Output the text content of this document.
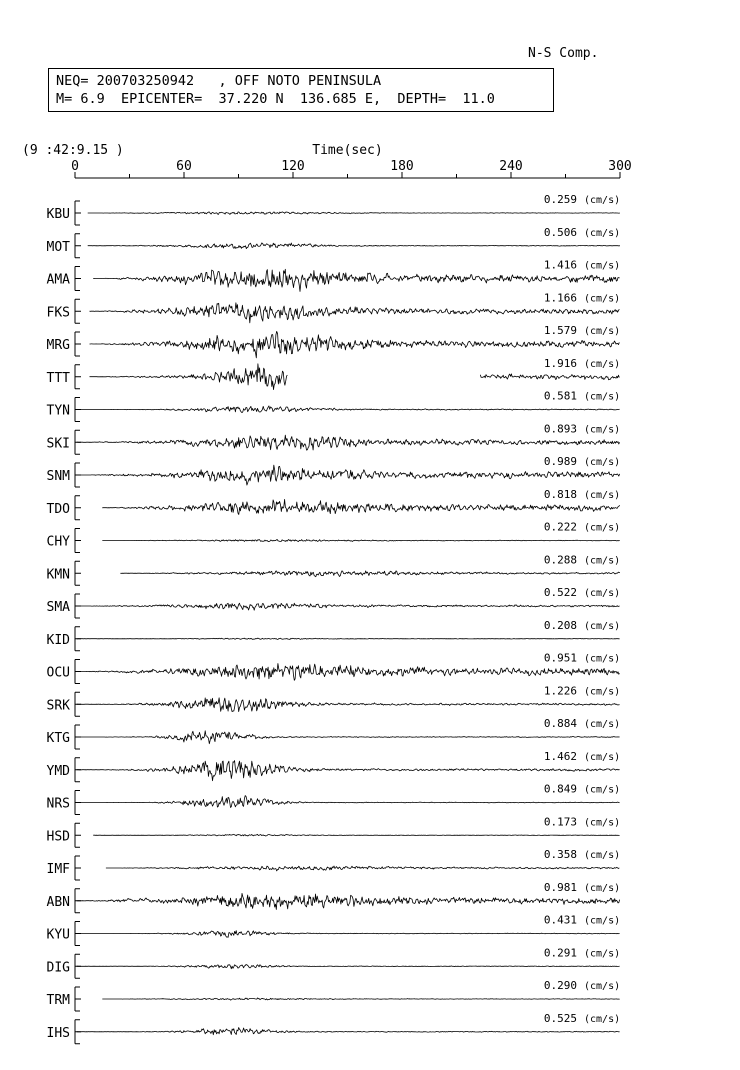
N-S Comp.
NEQ= 200703250942   , OFF NOTO PENINSULA
M= 6.9  EPICENTER=  37.220 N  136.685 E,  DEPTH=  11.0
(9 :42:9.15 )	Time(sec)
0	60	120	180	240	300
KBU
0.259 (cm/s)
MOT
0.506 (cm/s)
AMA
1.416 (cm/s)
FKS
1.166 (cm/s)
MRG
1.579 (cm/s)
TTT
1.916 (cm/s)
TYN
0.581 (cm/s)
SKI
0.893 (cm/s)
SNM
0.989 (cm/s)
TDO
0.818 (cm/s)
CHY
0.222 (cm/s)
KMN
0.288 (cm/s)
SMA
0.522 (cm/s)
KID
0.208 (cm/s)
OCU
0.951 (cm/s)
SRK
1.226 (cm/s)
KTG
0.884 (cm/s)
YMD
1.462 (cm/s)
NRS
0.849 (cm/s)
HSD
0.173 (cm/s)
IMF
0.358 (cm/s)
ABN
0.981 (cm/s)
KYU
0.431 (cm/s)
DIG
0.291 (cm/s)
TRM
0.290 (cm/s)
IHS
0.525 (cm/s)
